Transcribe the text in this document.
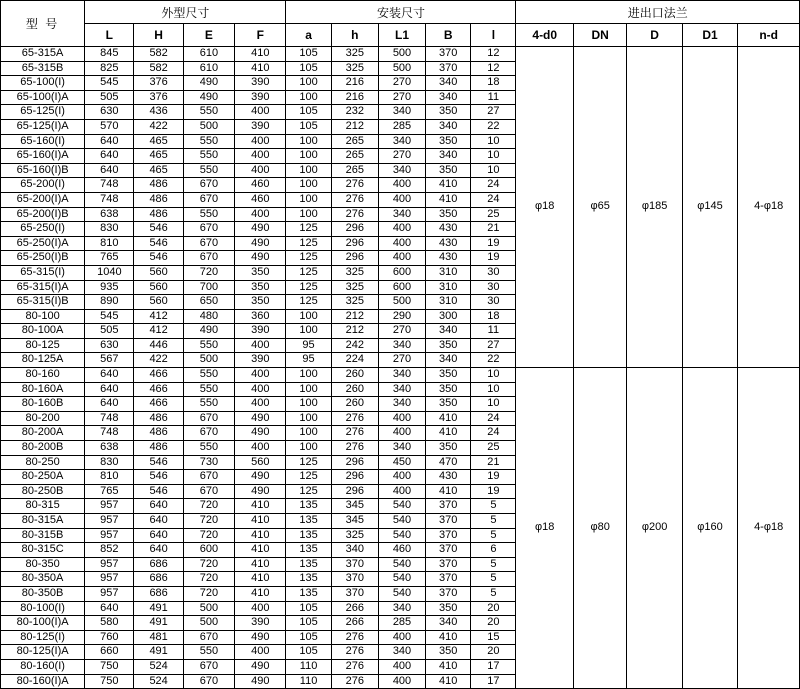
型 号	外型尺寸				安装尺寸					进出口法兰				
	L	H	E	F	a	h	L1	B	l	4-d0	DN	D	D1	n-d
65-315A	845	582	610	410	105	325	500	370	12	φ18	φ65	φ185	φ145	4-φ18
65-315B	825	582	610	410	105	325	500	370	12					
65-100(I)	545	376	490	390	100	216	270	340	18					
65-100(I)A	505	376	490	390	100	216	270	340	11					
65-125(I)	630	436	550	400	105	232	340	350	27					
65-125(I)A	570	422	500	390	105	212	285	340	22					
65-160(I)	640	465	550	400	100	265	340	350	10					
65-160(I)A	640	465	550	400	100	265	270	340	10					
65-160(I)B	640	465	550	400	100	265	340	350	10					
65-200(I)	748	486	670	460	100	276	400	410	24					
65-200(I)A	748	486	670	460	100	276	400	410	24					
65-200(I)B	638	486	550	400	100	276	340	350	25					
65-250(I)	830	546	670	490	125	296	400	430	21					
65-250(I)A	810	546	670	490	125	296	400	430	19					
65-250(I)B	765	546	670	490	125	296	400	430	19					
65-315(I)	1040	560	720	350	125	325	600	310	30					
65-315(I)A	935	560	700	350	125	325	600	310	30					
65-315(I)B	890	560	650	350	125	325	500	310	30					
80-100	545	412	480	360	100	212	290	300	18					
80-100A	505	412	490	390	100	212	270	340	11					
80-125	630	446	550	400	95	242	340	350	27					
80-125A	567	422	500	390	95	224	270	340	22					
80-160	640	466	550	400	100	260	340	350	10	φ18	φ80	φ200	φ160	4-φ18
80-160A	640	466	550	400	100	260	340	350	10					
80-160B	640	466	550	400	100	260	340	350	10					
80-200	748	486	670	490	100	276	400	410	24					
80-200A	748	486	670	490	100	276	400	410	24					
80-200B	638	486	550	400	100	276	340	350	25					
80-250	830	546	730	560	125	296	450	470	21					
80-250A	810	546	670	490	125	296	400	430	19					
80-250B	765	546	670	490	125	296	400	410	19					
80-315	957	640	720	410	135	345	540	370	5					
80-315A	957	640	720	410	135	345	540	370	5					
80-315B	957	640	720	410	135	325	540	370	5					
80-315C	852	640	600	410	135	340	460	370	6					
80-350	957	686	720	410	135	370	540	370	5					
80-350A	957	686	720	410	135	370	540	370	5					
80-350B	957	686	720	410	135	370	540	370	5					
80-100(I)	640	491	500	400	105	266	340	350	20					
80-100(I)A	580	491	500	390	105	266	285	340	20					
80-125(I)	760	481	670	490	105	276	400	410	15					
80-125(I)A	660	491	550	400	105	276	340	350	20					
80-160(I)	750	524	670	490	110	276	400	410	17					
80-160(I)A	750	524	670	490	110	276	400	410	17					
